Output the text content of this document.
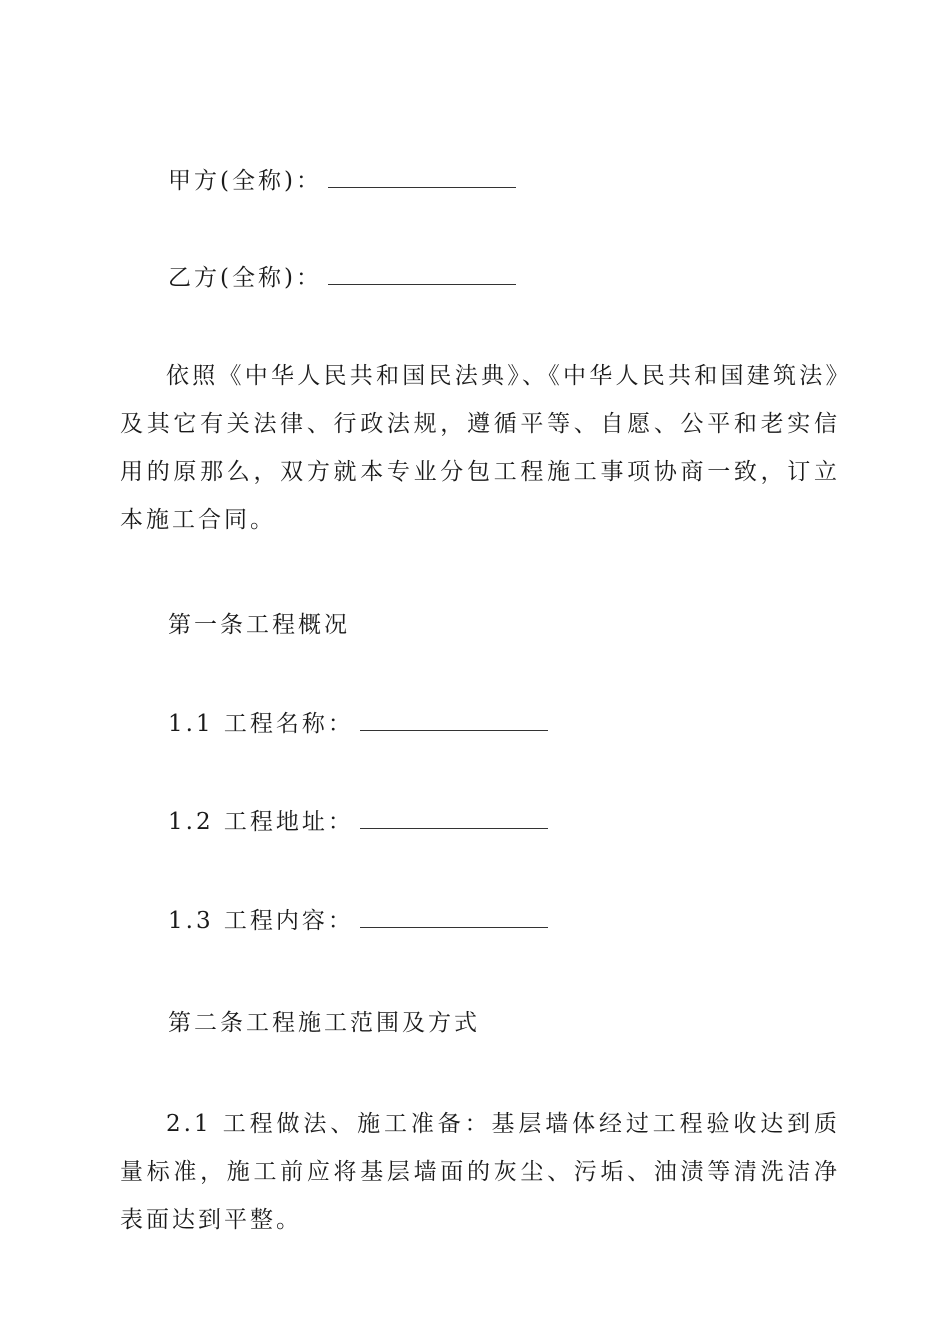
甲方(全称)：
乙方(全称)：

依照《中华人民共和国民法典》、《中华人民共和国建筑法》及其它有关法律、行政法规，遵循平等、自愿、公平和老实信用的原那么，双方就本专业分包工程施工事项协商一致，订立本施工合同。

第一条工程概况
1.1 工程名称：
1.2 工程地址：
1.3 工程内容：
第二条工程施工范围及方式

2.1 工程做法、施工准备：基层墙体经过工程验收达到质量标准，施工前应将基层墙面的灰尘、污垢、油渍等清洗洁净表面达到平整。
